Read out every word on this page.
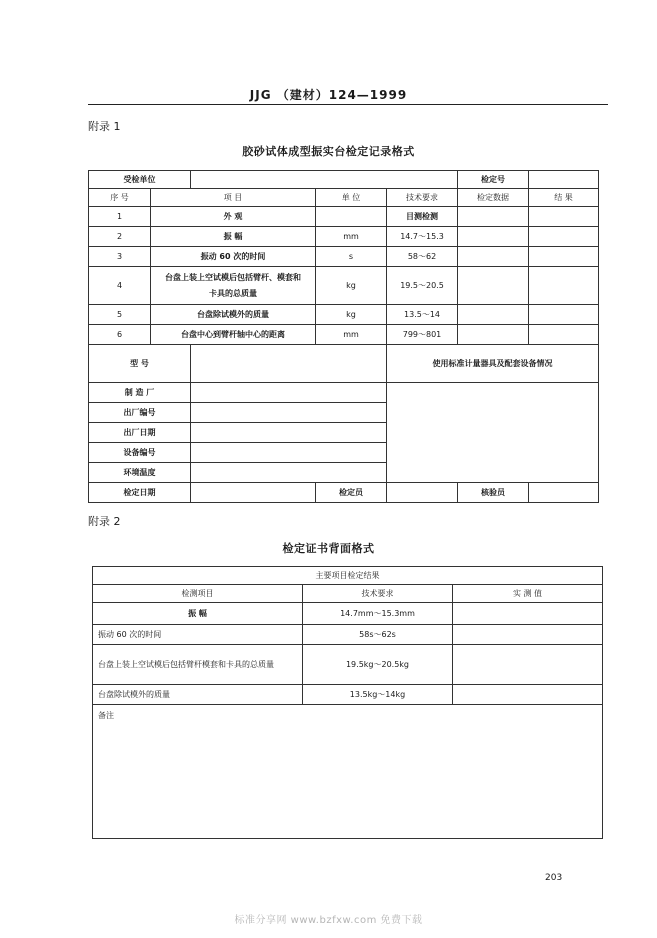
JJG （建材）124—1999
附录 1
胶砂试体成型振实台检定记录格式
受检单位					检定号	
序 号	项 目		单 位	技术要求	检定数据	结 果
1	外 观			目测检测		
2	振 幅		mm	14.7～15.3		
3	振动 60 次的时间		s	58～62		
4	台盘上装上空试模后包括臂杆、模套和卡具的总质量		kg	19.5～20.5		
5	台盘除试模外的质量		kg	13.5～14		
6	台盘中心到臂杆轴中心的距离		mm	799～801		
型 号				使用标准计量器具及配套设备情况		
制 造 厂						
出厂编号						
出厂日期						
设备编号						
环境温度						
检定日期			检定员		核验员	
附录 2
检定证书背面格式
主要项目检定结果		
检测项目	技术要求	实 测 值
振 幅	14.7mm～15.3mm	
振动 60 次的时间	58s～62s	
台盘上装上空试模后包括臂杆模套和卡具的总质量	19.5kg～20.5kg	
台盘除试模外的质量	13.5kg～14kg	
备注		
203
标准分享网 www.bzfxw.com 免费下载
